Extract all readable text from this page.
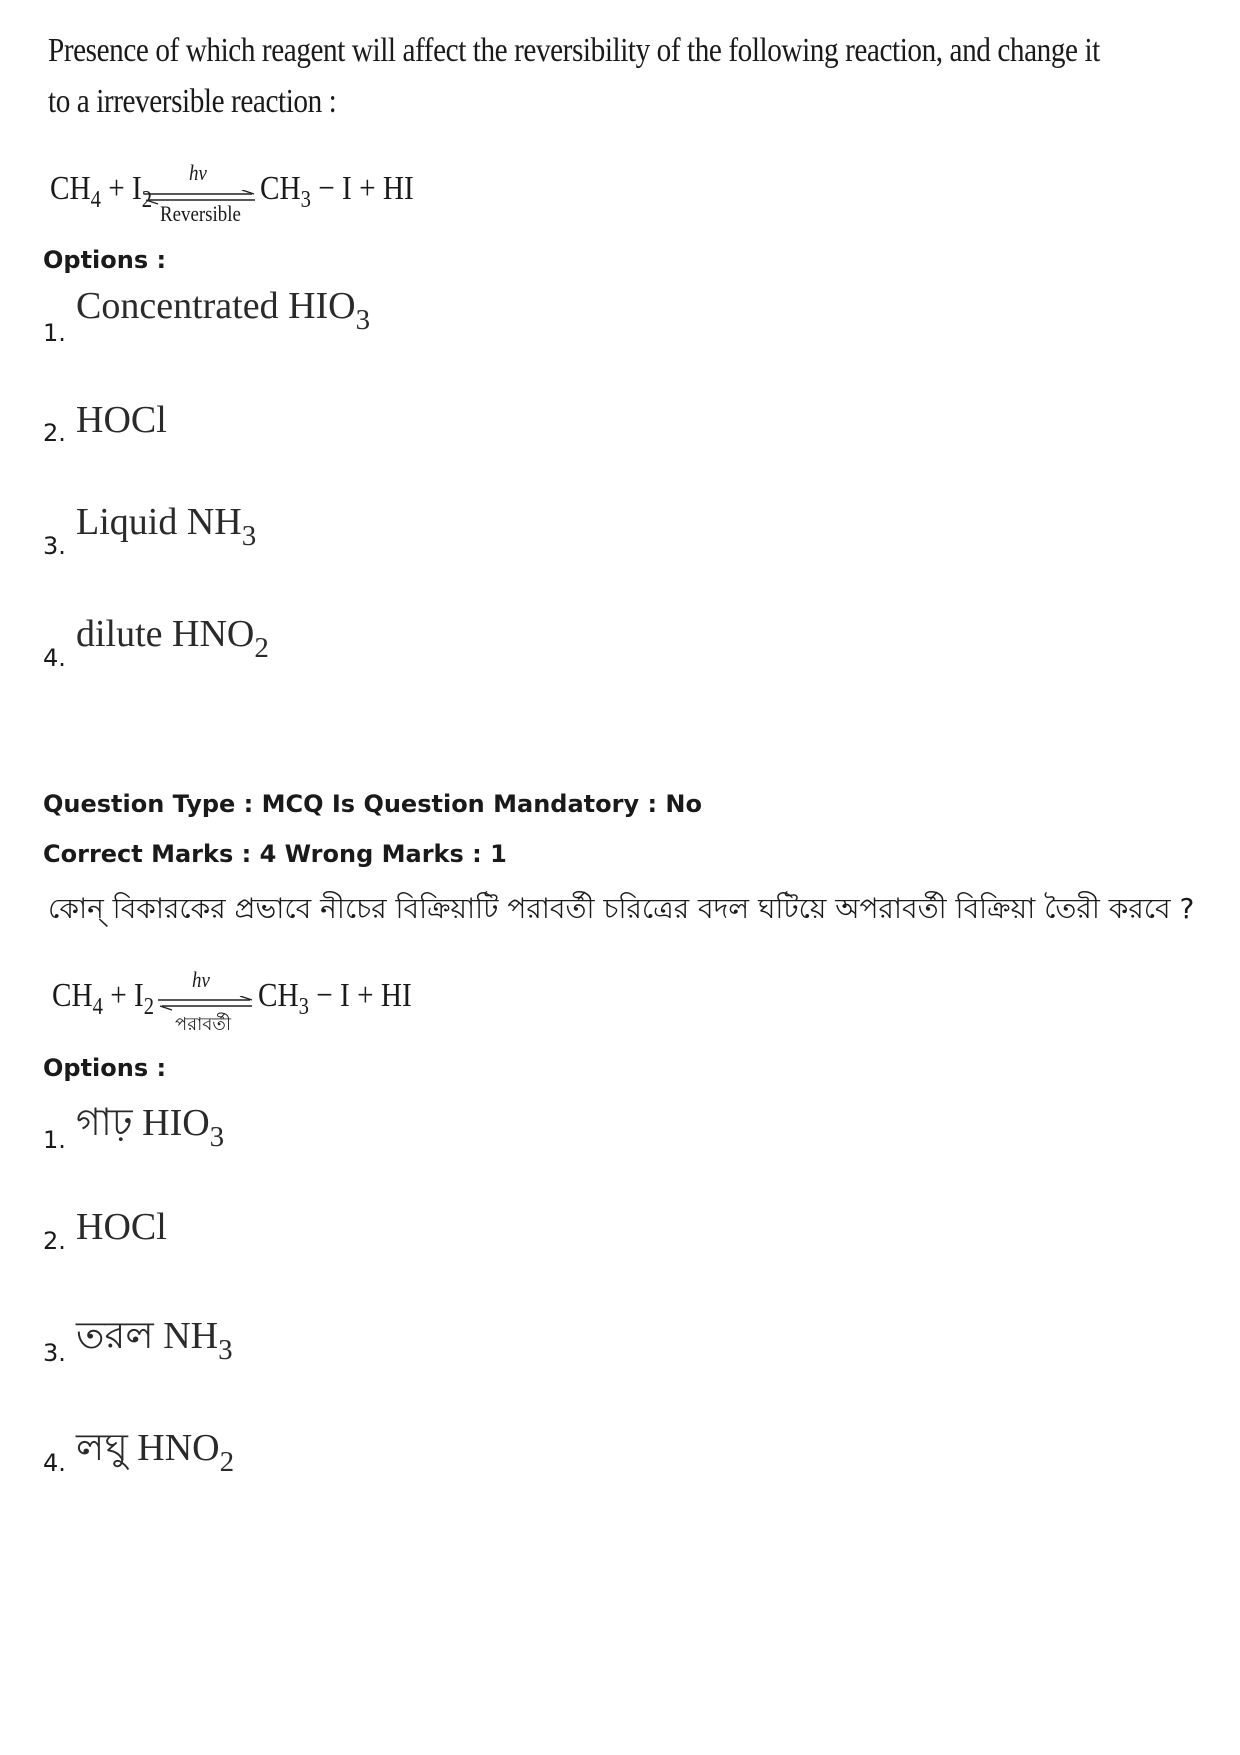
Presence of which reagent will affect the reversibility of the following reaction, and change it
to a irreversible reaction :
$CH_4 + I_2$
hν
Reversible
$CH_3 - I$ + HI
Options :
1.
Concentrated $HIO_3$
2. HOCl
3.
Liquid $NH_3$
4.
dilute $HNO_2$
Question Type : MCQ Is Question Mandatory : No
Correct Marks : 4 Wrong Marks : 1
কোন্ বিকারকের প্রভাবে নীচের বিক্রিয়াটি পরাবর্তী চরিত্রের বদল ঘটিয়ে অপরাবর্তী বিক্রিয়া তৈরী করবে ?
$CH_4 + I_2$
hν
পরাবর্তী
$CH_3 - I$ + HI
Options :
1. গাঢ় $HIO_3$
2. HOCl
3. তরল $NH_3$
4. লঘু $HNO_2$
